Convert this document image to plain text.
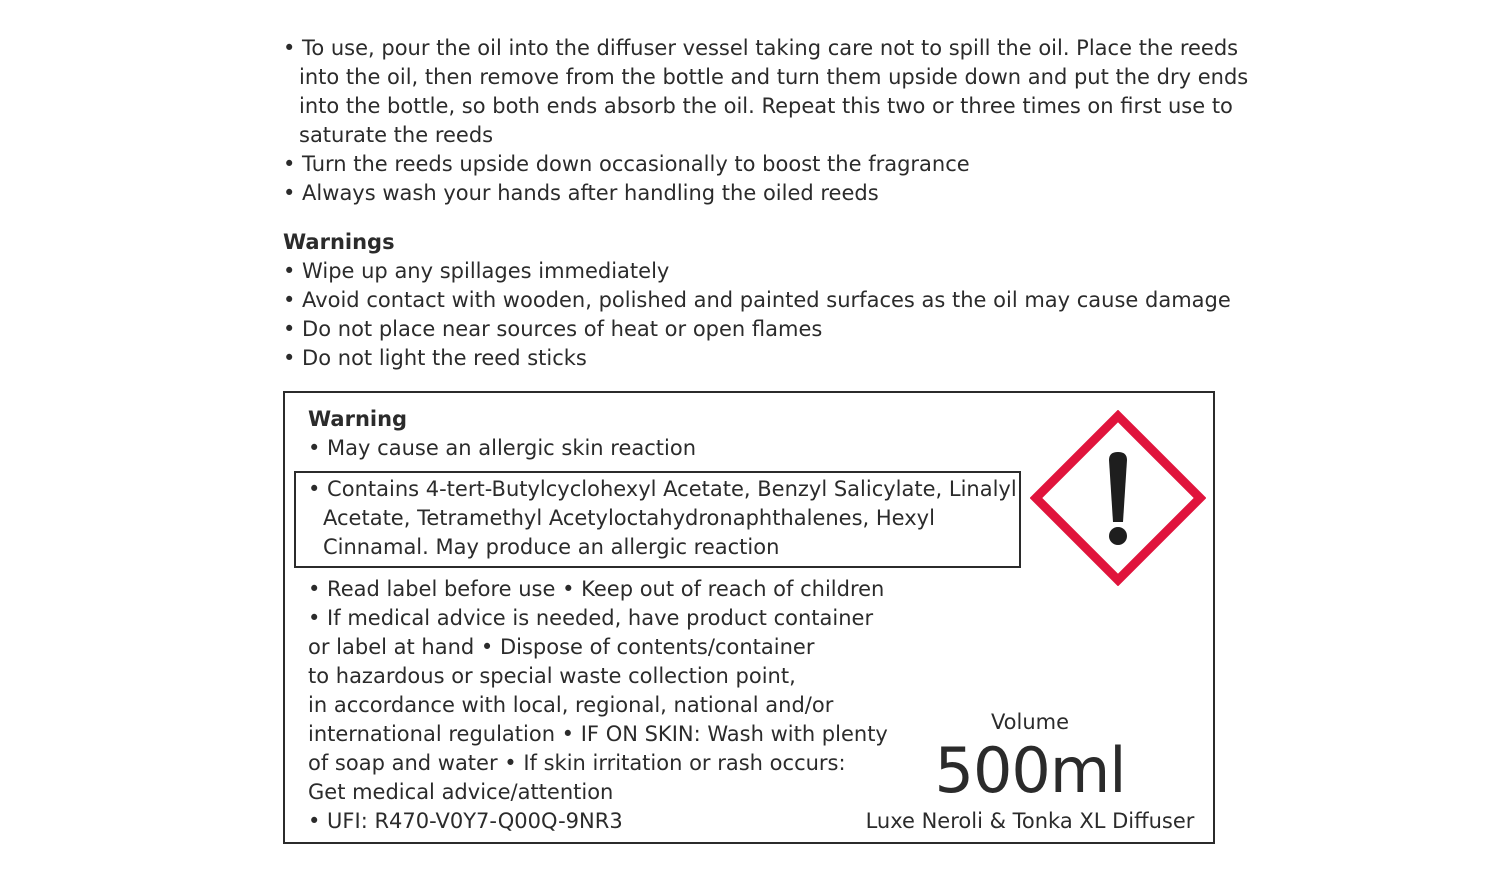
• To use, pour the oil into the diffuser vessel taking care not to spill the oil. Place the reeds
into the oil, then remove from the bottle and turn them upside down and put the dry ends
into the bottle, so both ends absorb the oil. Repeat this two or three times on first use to
saturate the reeds
• Turn the reeds upside down occasionally to boost the fragrance
• Always wash your hands after handling the oiled reeds
Warnings
• Wipe up any spillages immediately
• Avoid contact with wooden, polished and painted surfaces as the oil may cause damage
• Do not place near sources of heat or open flames
• Do not light the reed sticks
Warning
• May cause an allergic skin reaction
• Contains 4-tert-Butylcyclohexyl Acetate, Benzyl Salicylate, Linalyl
Acetate, Tetramethyl Acetyloctahydronaphthalenes, Hexyl
Cinnamal. May produce an allergic reaction
• Read label before use • Keep out of reach of children
• If medical advice is needed, have product container
or label at hand • Dispose of contents/container
to hazardous or special waste collection point,
in accordance with local, regional, national and/or
international regulation • IF ON SKIN: Wash with plenty
of soap and water • If skin irritation or rash occurs:
Get medical advice/attention
• UFI: R470-V0Y7-Q00Q-9NR3
Volume
500ml
Luxe Neroli & Tonka XL Diffuser
